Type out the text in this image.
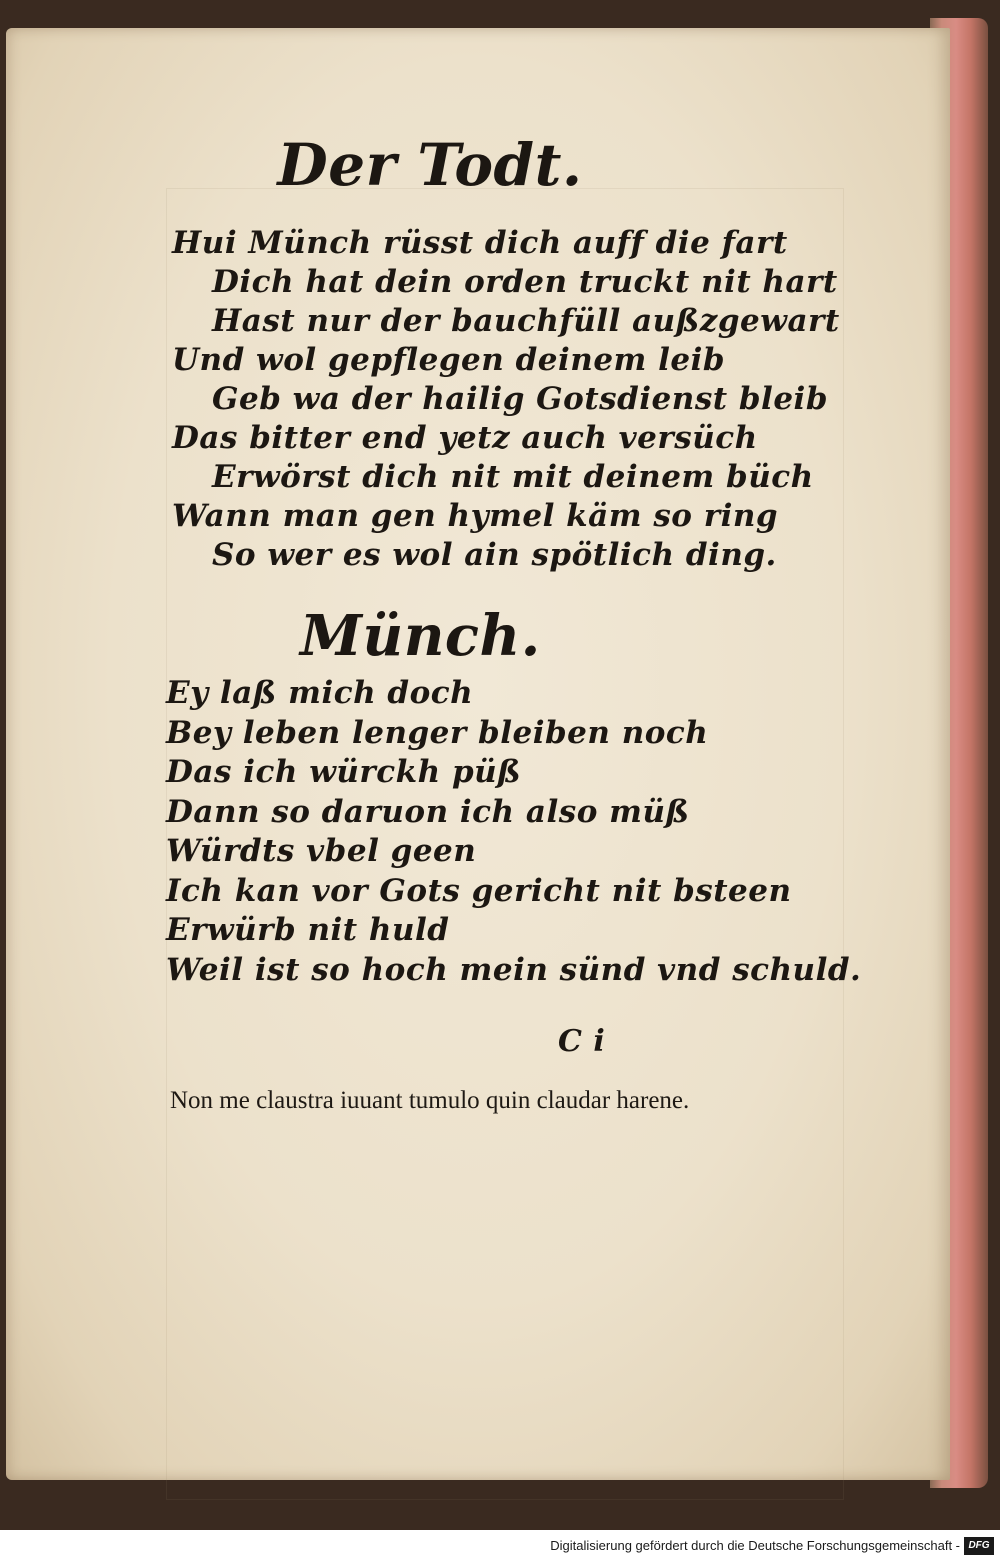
Der Todt.
Hui Münch rüsst dich auff die fart
Dich hat dein orden truckt nit hart
Hast nur der bauchfüll außzgewart
Und wol gepflegen deinem leib
Geb wa der hailig Gotsdienst bleib
Das bitter end yetz auch versüch
Erwörst dich nit mit deinem büch
Wann man gen hymel käm so ring
So wer es wol ain spötlich ding.
Münch.
Ey laß mich doch
Bey leben lenger bleiben noch
Das ich würckh püß
Dann so daruon ich also müß
Würdts vbel geen
Ich kan vor Gots gericht nit bsteen
Erwürb nit huld
Weil ist so hoch mein sünd vnd schuld.
C i
Non me claustra iuuant tumulo quin claudar harene.
Digitalisierung gefördert durch die Deutsche Forschungsgemeinschaft - DFG
